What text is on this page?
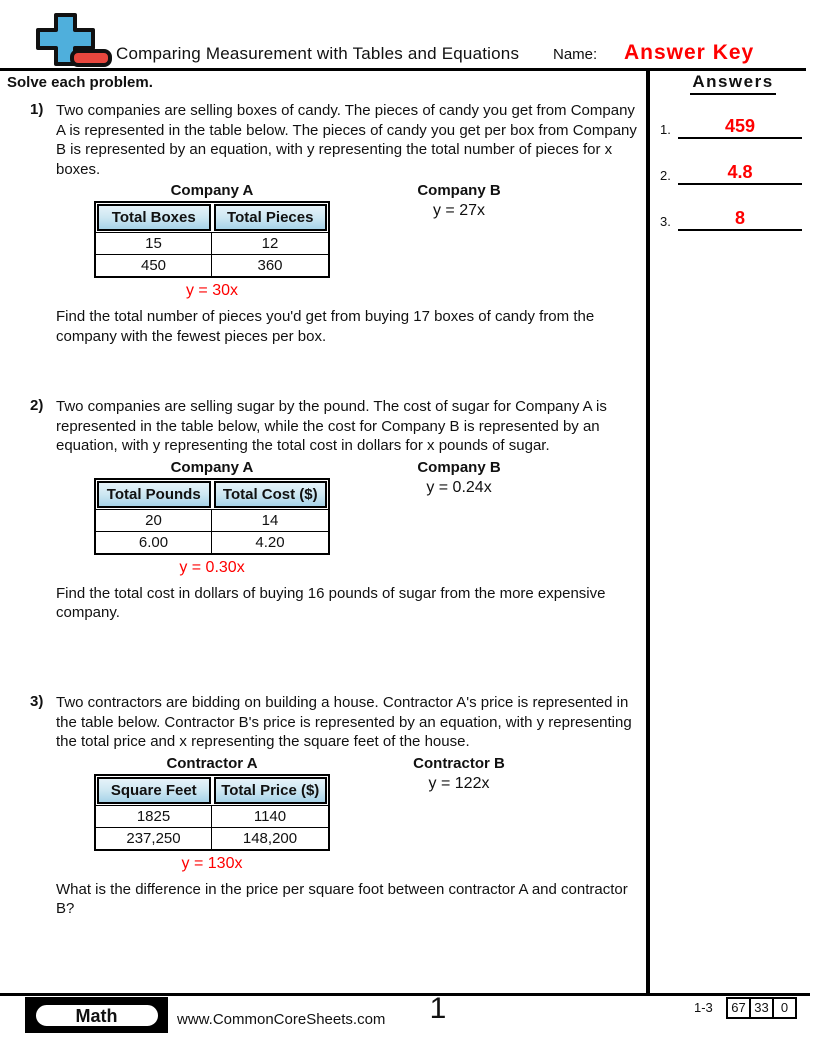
Comparing Measurement with Tables and Equations Name: Answer Key
Solve each problem.	Answers
1.	459
2.	4.8
3.	8
1) Two companies are selling boxes of candy. The pieces of candy you get from Company A is represented in the table below. The pieces of candy you get per box from Company B is represented by an equation, with y representing the total number of pieces for x boxes.
Company A
Total Boxes	Total Pieces
15	12
450	360
y = 30x
Company B
y = 27x
Find the total number of pieces you'd get from buying 17 boxes of candy from the company with the fewest pieces per box.
2) Two companies are selling sugar by the pound. The cost of sugar for Company A is represented in the table below, while the cost for Company B is represented by an equation, with y representing the total cost in dollars for x pounds of sugar.
Company A
Total Pounds	Total Cost ($)
20	14
6.00	4.20
y = 0.30x
Company B
y = 0.24x
Find the total cost in dollars of buying 16 pounds of sugar from the more expensive company.
3) Two contractors are bidding on building a house. Contractor A's price is represented in the table below. Contractor B's price is represented by an equation, with y representing the total price and x representing the square feet of the house.
Contractor A
Square Feet	Total Price ($)
1825	1140
237,250	148,200
y = 130x
Contractor B
y = 122x
What is the difference in the price per square foot between contractor A and contractor B?
Math	www.CommonCoreSheets.com	1	1-3	67 33 0
